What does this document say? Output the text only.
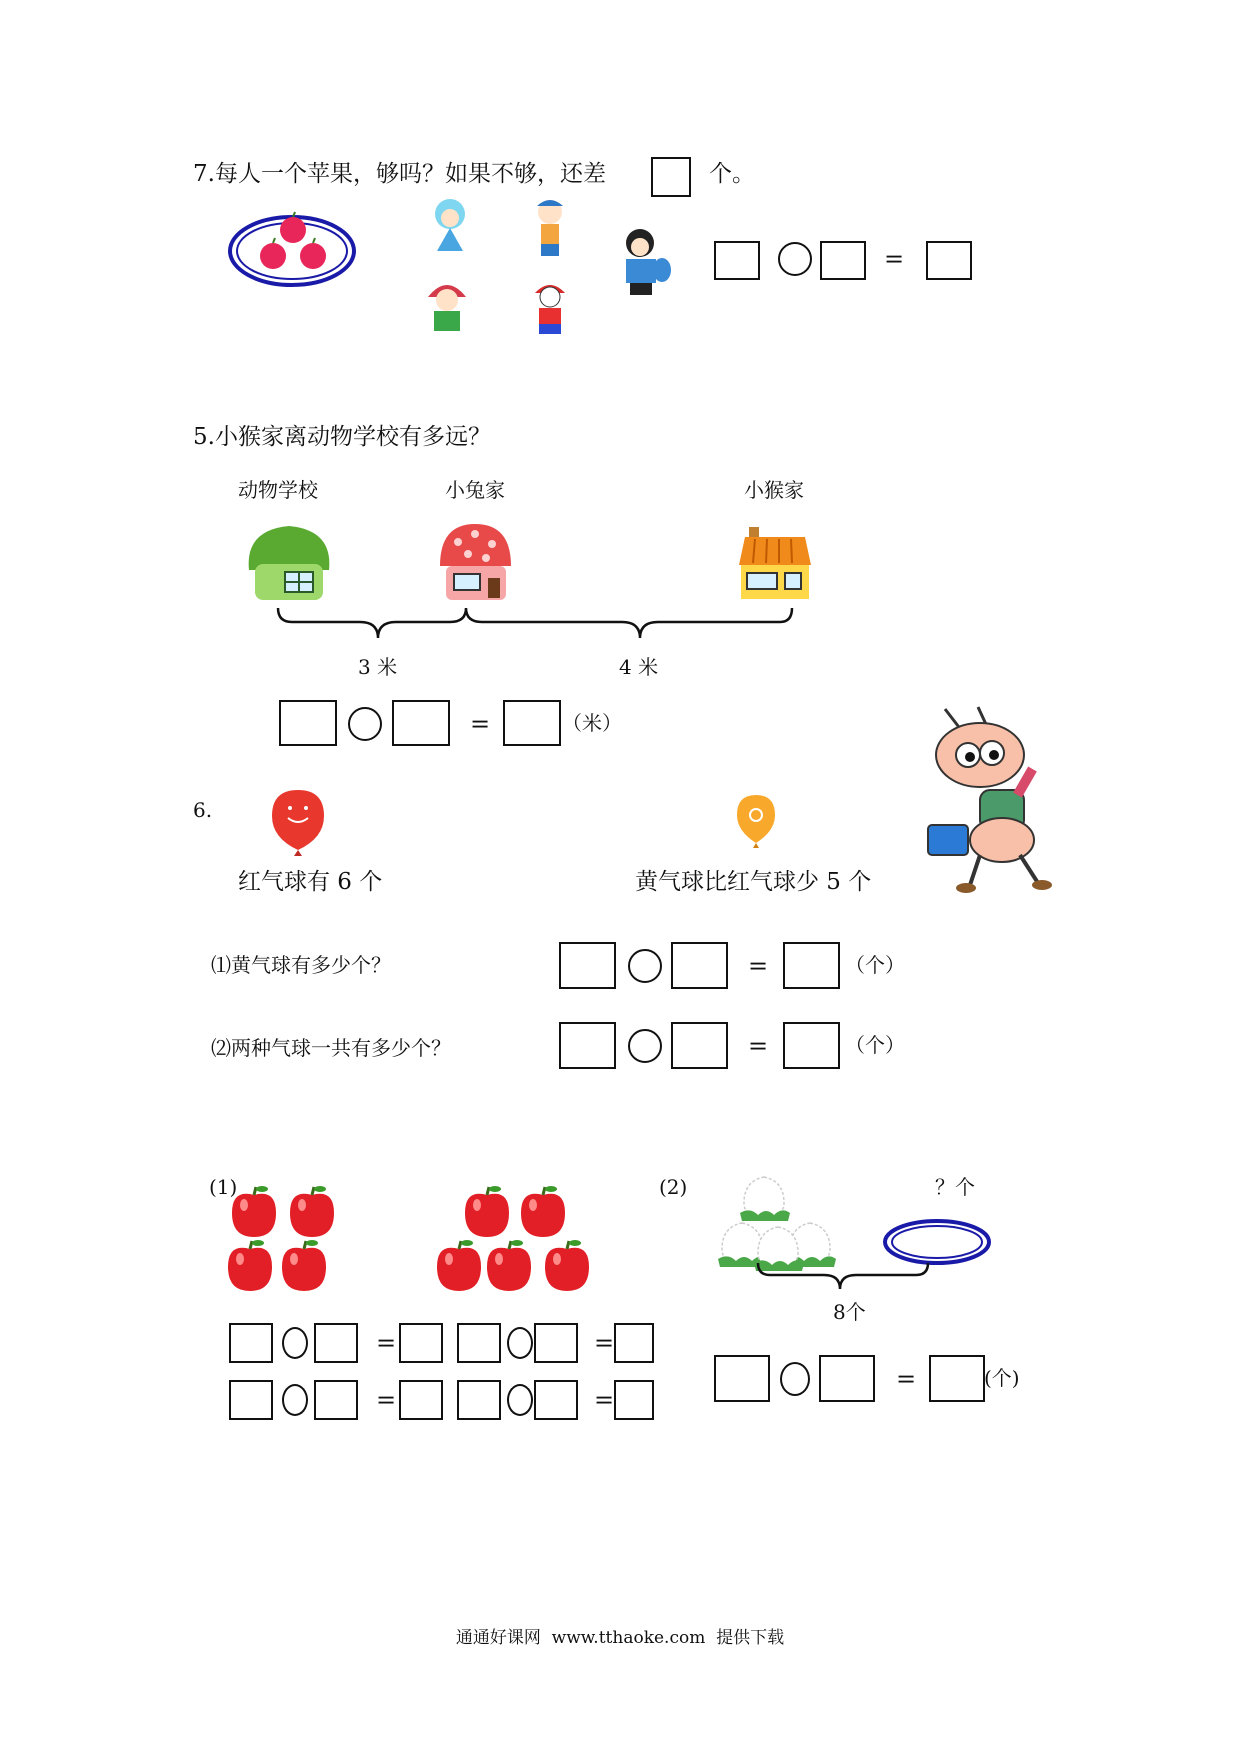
7.每人一个苹果，够吗？如果不够，还差	个。
=
5.小猴家离动物学校有多远？
动物学校	小兔家	小猴家
3 米	4 米
=	（米）
6.
红气球有 6 个	黄气球比红气球少 5 个
⑴黄气球有多少个？	=	（个）
⑵两种气球一共有多少个？	=	（个）
(1)	(2)	？个
8个
=	=
=	=
=	(个)
通通好课网  www.tthaoke.com  提供下载
